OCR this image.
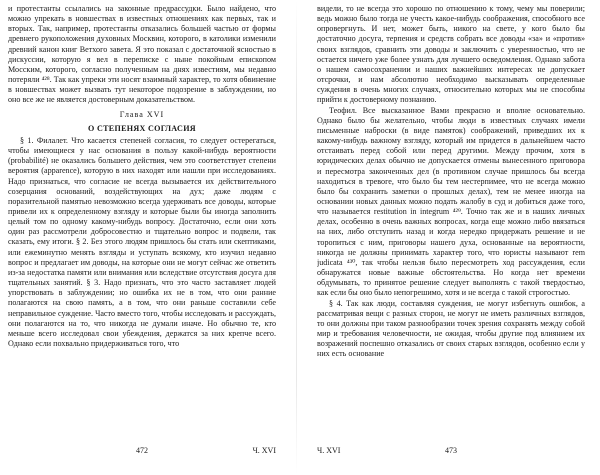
и протестанты ссылались на законные предрассудки. Было найдено, что можно упрекать в новшествах в известных отношениях как первых, так и вторых. Так, например, протестанты отказались большей частью от формы древнего рукоположения духовных Москвин, которого, в католики изменили древний канон книг Ветхого завета. Я это показал с достаточной ясностью в дискуссии, которую я вел в переписке с ныне покойным епископом Мосским, которого, согласно полученным на днях известиям, мы недавно потеряли ⁴²⁸. Так как упреки эти носят взаимный характер, то хотя обвинение в новшествах может вызвать тут некоторое подозрение в заблуждении, но оно все же не является достоверным доказательством.

Глава XVI
О СТЕПЕНЯХ СОГЛАСИЯ

§ 1. Филалет. Что касается степеней согласия, то следует остерегаться, чтобы имеющиеся у нас основания в пользу какой-нибудь вероятности (probabilité) не оказались большего действия, чем это соответствует степени вероятия (apparence), которую в них находят или нашли при исследованиях. Надо признаться, что согласие не всегда вызывается их действительного созерцания оснований, воздействующих на дух; даже людям с поразительной памятью невозможно всегда удерживать все доводы, которые привели их к определенному взгляду и которые были бы иногда заполнить целый том по одному какому-нибудь вопросу. Достаточно, если они хоть один раз рассмотрели добросовестно и тщательно вопрос и подвели, так сказать, ему итоги. § 2. Без этого людям пришлось бы стать или скептиками, или ежеминутно менять взгляды и уступать всякому, кто изучил недавно вопрос и предлагает им доводы, на которые они не могут сейчас же ответить из-за недостатка памяти или внимания или вследствие отсутствия досуга для тщательных занятий. § 3. Надо признать, что это часто заставляет людей упорствовать в заблуждении; но ошибка их не в том, что они ранние полагаются на свою память, а в том, что они раньше составили себе неправильное суждение. Часто вместо того, чтобы исследовать и рассуждать, они полагаются на то, что никогда не думали иначе. Но обычно те, кто меньше всего исследовал свои убеждения, держатся за них крепче всего. Однако если похвально придерживаться того, что

472	Ч. XVI

видели, то не всегда это хорошо по отношению к тому, чему мы поверили; ведь можно было тогда не учесть какое-нибудь соображения, способного все опровергнуть. И нет, может быть, никого на свете, у кого было бы достаточно досуга, терпения и средств собрать все доводы «за» и «против» своих взглядов, сравнить эти доводы и заключить с уверенностью, что не остается ничего уже более узнать для лучшего осведомления. Однако забота о нашем самосохранении и наших важнейших интересах не допускает отсрочки, и нам абсолютно необходимо высказывать определенные суждения в очень многих случаях, относительно которых мы не способны прийти к достоверному познанию.

Теофил. Все высказанное Вами прекрасно и вполне основательно. Однако было бы желательно, чтобы люди в известных случаях имели письменные наброски (в виде памяток) соображений, приведших их к какому-нибудь важному взгляду, который им придется в дальнейшем часто отстаивать перед собой или перед другими. Между прочим, хотя в юридических делах обычно не допускается отмены вынесенного приговора и пересмотра законченных дел (в противном случае пришлось бы всегда находиться в тревоге, что было бы тем нестерпимее, что не всегда можно было бы сохранить заметки о прошлых делах), тем не менее иногда на основании новых данных можно подать жалобу в суд и добиться даже того, что называется restitution in integrum ⁴²⁹. Точно так же и в наших личных делах, особенно в очень важных вопросах, когда еще можно либо ввязаться на них, либо отступить назад и когда нередко придержать решение и не торопиться с ним, приговоры нашего духа, основанные на вероятности, никогда не должны принимать характер того, что юристы называют rem judicata ⁴³⁰, так чтобы нельзя было пересмотреть ход рассуждения, если обнаружатся новые важные обстоятельства. Но когда нет времени обдумывать, то принятое решение следует выполнять с такой твердостью, как если бы оно было непогрешимо, хотя и не всегда с такой строгостью.

§ 4. Так как люди, составляя суждения, не могут избегнуть ошибок, а рассматривая вещи с разных сторон, не могут не иметь различных взглядов, то они должны при таком разнообразии точек зрения сохранять между собой мир и требования человечности, не ожидая, чтобы другие под влиянием их возражений поспешно отказались от своих старых взглядов, особенно если у них есть основание

Ч. XVI	473
